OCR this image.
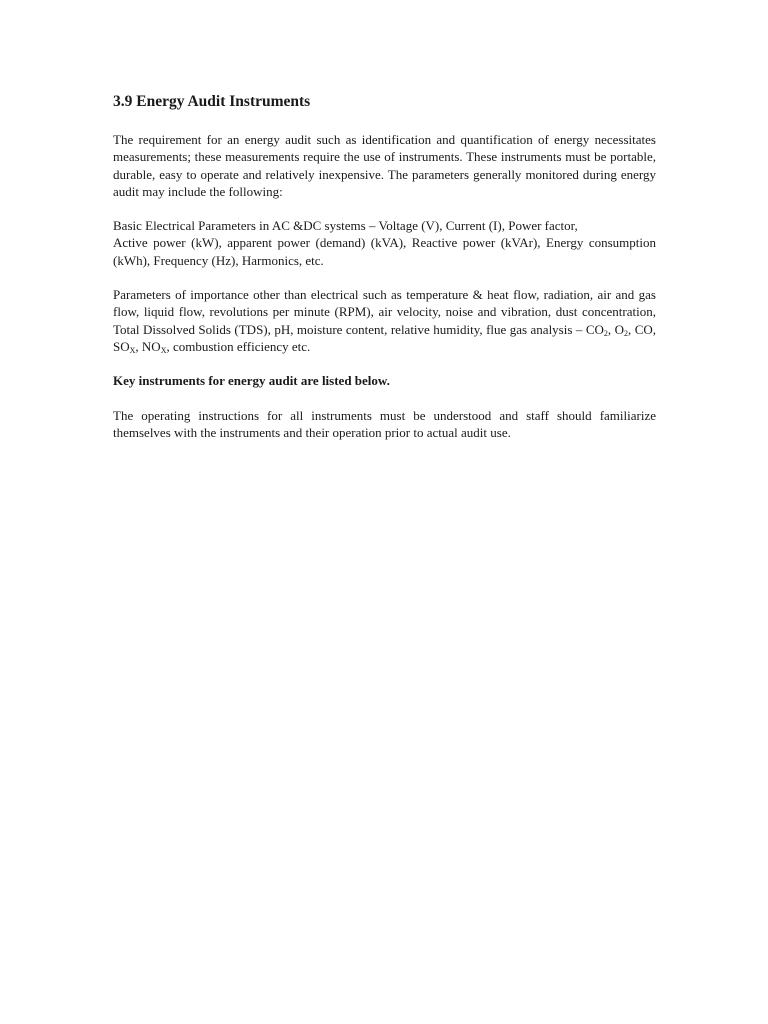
3.9 Energy Audit Instruments

The requirement for an energy audit such as identification and quantification of energy necessitates measurements; these measurements require the use of instruments. These instruments must be portable, durable, easy to operate and relatively inexpensive. The parameters generally monitored during energy audit may include the following:

Basic Electrical Parameters in AC &DC systems – Voltage (V), Current (I), Power factor,

Active power (kW), apparent power (demand) (kVA), Reactive power (kVAr), Energy consumption (kWh), Frequency (Hz), Harmonics, etc.

Parameters of importance other than electrical such as temperature & heat flow, radiation, air and gas flow, liquid flow, revolutions per minute (RPM), air velocity, noise and vibration, dust concentration, Total Dissolved Solids (TDS), pH, moisture content, relative humidity, flue gas analysis – $CO_2$, $O_2$, CO, $SO_X$, $NO_X$, combustion efficiency etc.

Key instruments for energy audit are listed below.

The operating instructions for all instruments must be understood and staff should familiarize themselves with the instruments and their operation prior to actual audit use.
